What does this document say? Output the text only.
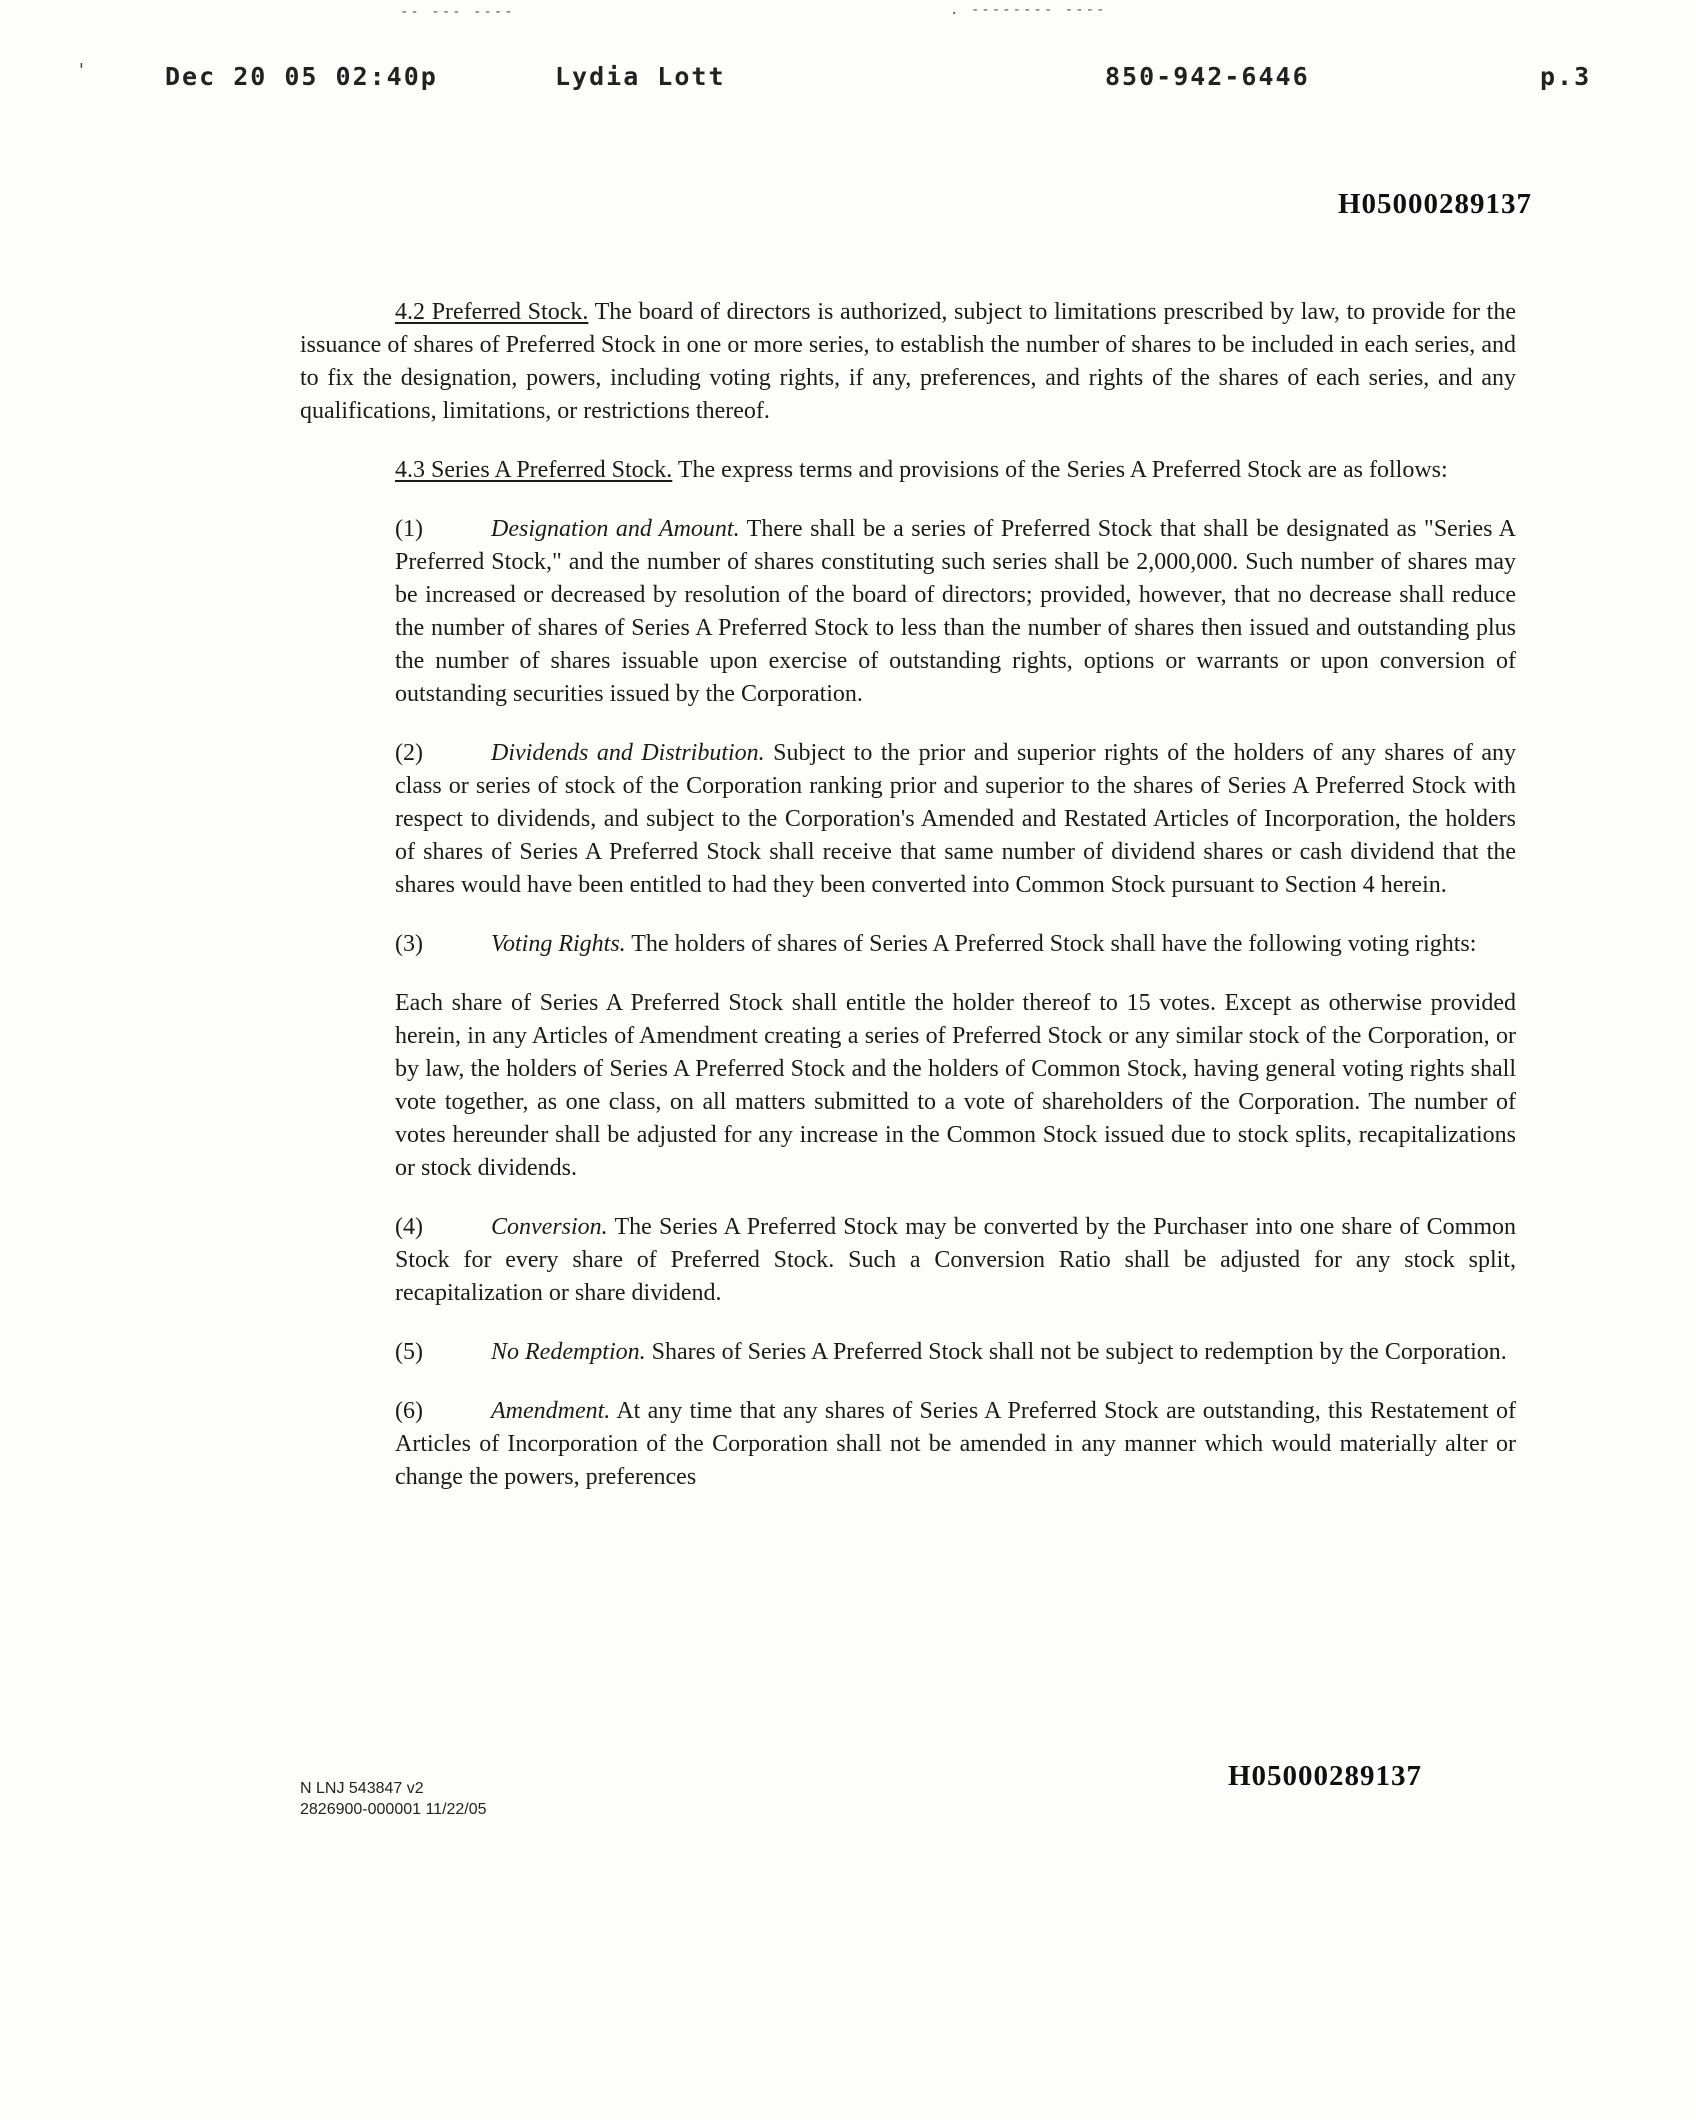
-- --- ----	. -------- ----
'	Dec 20 05 02:40p	Lydia Lott	850-942-6446	p.3
H05000289137
H05000289137

4.2 Preferred Stock. The board of directors is authorized, subject to limitations prescribed by law, to provide for the issuance of shares of Preferred Stock in one or more series, to establish the number of shares to be included in each series, and to fix the designation, powers, including voting rights, if any, preferences, and rights of the shares of each series, and any qualifications, limitations, or restrictions thereof.

4.3 Series A Preferred Stock. The express terms and provisions of the Series A Preferred Stock are as follows:

(1)	Designation and Amount. There shall be a series of Preferred Stock that shall be designated as "Series A Preferred Stock," and the number of shares constituting such series shall be 2,000,000. Such number of shares may be increased or decreased by resolution of the board of directors; provided, however, that no decrease shall reduce the number of shares of Series A Preferred Stock to less than the number of shares then issued and outstanding plus the number of shares issuable upon exercise of outstanding rights, options or warrants or upon conversion of outstanding securities issued by the Corporation.

(2)	Dividends and Distribution. Subject to the prior and superior rights of the holders of any shares of any class or series of stock of the Corporation ranking prior and superior to the shares of Series A Preferred Stock with respect to dividends, and subject to the Corporation's Amended and Restated Articles of Incorporation, the holders of shares of Series A Preferred Stock shall receive that same number of dividend shares or cash dividend that the shares would have been entitled to had they been converted into Common Stock pursuant to Section 4 herein.

(3)	Voting Rights. The holders of shares of Series A Preferred Stock shall have the following voting rights:

Each share of Series A Preferred Stock shall entitle the holder thereof to 15 votes. Except as otherwise provided herein, in any Articles of Amendment creating a series of Preferred Stock or any similar stock of the Corporation, or by law, the holders of Series A Preferred Stock and the holders of Common Stock, having general voting rights shall vote together, as one class, on all matters submitted to a vote of shareholders of the Corporation. The number of votes hereunder shall be adjusted for any increase in the Common Stock issued due to stock splits, recapitalizations or stock dividends.

(4)	Conversion. The Series A Preferred Stock may be converted by the Purchaser into one share of Common Stock for every share of Preferred Stock. Such a Conversion Ratio shall be adjusted for any stock split, recapitalization or share dividend.

(5)	No Redemption. Shares of Series A Preferred Stock shall not be subject to redemption by the Corporation.

(6)	Amendment. At any time that any shares of Series A Preferred Stock are outstanding, this Restatement of Articles of Incorporation of the Corporation shall not be amended in any manner which would materially alter or change the powers, preferences

N LNJ 543847 v2
2826900-000001 11/22/05
